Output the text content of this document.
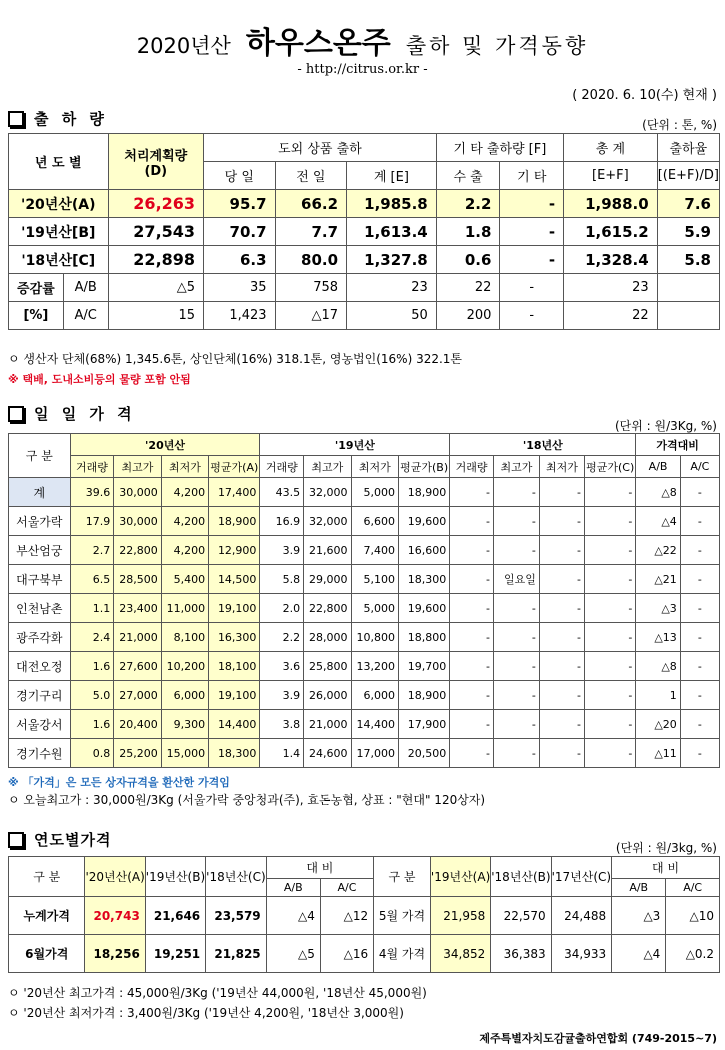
2020년산 하우스온주 출하 및 가격동향
- http://citrus.or.kr -
( 2020. 6. 10(수) 현재 )
출 하 량	(단위 : 톤, %)
년 도 별		처리계획량
(D)	도외 상품 출하			기 타 출하량 [F]		총 계	출하율
			당 일	전 일	계 [E]	수 출	기 타	[E+F]	[(E+F)/D]
'20년산(A)		26,263	95.7	66.2	1,985.8	2.2	-	1,988.0	7.6
'19년산[B]		27,543	70.7	7.7	1,613.4	1.8	-	1,615.2	5.9
'18년산[C]		22,898	6.3	80.0	1,327.8	0.6	-	1,328.4	5.8
증감률	A/B	△5	35	758	23	22	-	23	
[%]	A/C	15	1,423	△17	50	200	-	22	
ㅇ 생산자 단체(68%) 1,345.6톤, 상인단체(16%) 318.1톤, 영농법인(16%) 322.1톤
※ 택배, 도내소비등의 물량 포함 안됨
일 일 가 격
(단위 : 원/3Kg, %)
구 분	'20년산				'19년산				'18년산				가격대비	
	거래량	최고가	최저가	평균가(A)	거래량	최고가	최저가	평균가(B)	거래량	최고가	최저가	평균가(C)	A/B	A/C
계	39.6	30,000	4,200	17,400	43.5	32,000	5,000	18,900	-	-	-	-	△8	-
서울가락	17.9	30,000	4,200	18,900	16.9	32,000	6,600	19,600	-	-	-	-	△4	-
부산엄궁	2.7	22,800	4,200	12,900	3.9	21,600	7,400	16,600	-	-	-	-	△22	-
대구북부	6.5	28,500	5,400	14,500	5.8	29,000	5,100	18,300	-	일요일	-	-	△21	-
인천남촌	1.1	23,400	11,000	19,100	2.0	22,800	5,000	19,600	-	-	-	-	△3	-
광주각화	2.4	21,000	8,100	16,300	2.2	28,000	10,800	18,800	-	-	-	-	△13	-
대전오정	1.6	27,600	10,200	18,100	3.6	25,800	13,200	19,700	-	-	-	-	△8	-
경기구리	5.0	27,000	6,000	19,100	3.9	26,000	6,000	18,900	-	-	-	-	1	-
서울강서	1.6	20,400	9,300	14,400	3.8	21,000	14,400	17,900	-	-	-	-	△20	-
경기수원	0.8	25,200	15,000	18,300	1.4	24,600	17,000	20,500	-	-	-	-	△11	-
※ 「가격」은 모든 상자규격을 환산한 가격임
ㅇ 오늘최고가 : 30,000원/3Kg (서울가락 중앙청과(주), 효돈농협, 상표 : "현대" 120상자)
연도별가격	(단위 : 원/3kg, %)
구 분	'20년산(A)	'19년산(B)	'18년산(C)	대 비		구 분	'19년산(A)	'18년산(B)	'17년산(C)	대 비	
				A/B	A/C					A/B	A/C
누계가격	20,743	21,646	23,579	△4	△12	5월 가격	21,958	22,570	24,488	△3	△10
6월가격	18,256	19,251	21,825	△5	△16	4월 가격	34,852	36,383	34,933	△4	△0.2
ㅇ '20년산 최고가격 : 45,000원/3Kg ('19년산 44,000원, '18년산 45,000원)
ㅇ '20년산 최저가격 : 3,400원/3Kg ('19년산 4,200원, '18년산 3,000원)
제주특별자치도감귤출하연합회 (749-2015~7)
